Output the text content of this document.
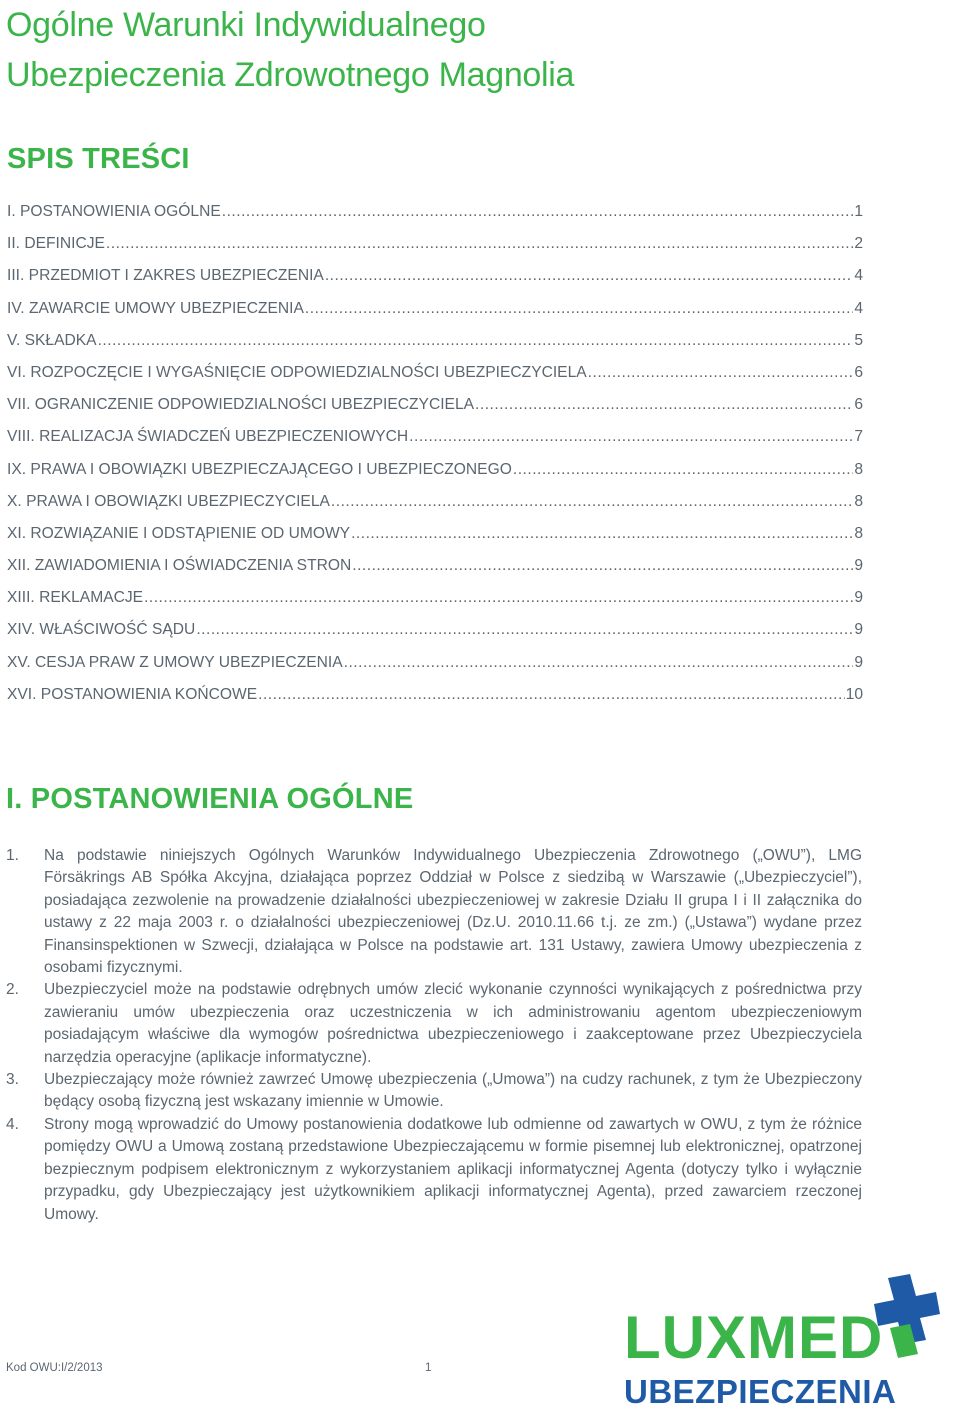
Ogólne Warunki Indywidualnego
Ubezpieczenia Zdrowotnego Magnolia
SPIS TREŚCI
I. POSTANOWIENIA OGÓLNE .....	1
II. DEFINICJE .....	2
III. PRZEDMIOT I ZAKRES UBEZPIECZENIA .....	4
IV. ZAWARCIE UMOWY UBEZPIECZENIA .....	4
V. SKŁADKA .....	5
VI. ROZPOCZĘCIE I WYGAŚNIĘCIE ODPOWIEDZIALNOŚCI UBEZPIECZYCIELA .....	6
VII. OGRANICZENIE ODPOWIEDZIALNOŚCI UBEZPIECZYCIELA .....	6
VIII. REALIZACJA ŚWIADCZEŃ UBEZPIECZENIOWYCH .....	7
IX. PRAWA I OBOWIĄZKI UBEZPIECZAJĄCEGO I UBEZPIECZONEGO .....	8
X. PRAWA I OBOWIĄZKI UBEZPIECZYCIELA .....	8
XI. ROZWIĄZANIE I ODSTĄPIENIE OD UMOWY .....	8
XII. ZAWIADOMIENIA I OŚWIADCZENIA STRON .....	9
XIII. REKLAMACJE .....	9
XIV. WŁAŚCIWOŚĆ SĄDU .....	9
XV. CESJA PRAW Z UMOWY UBEZPIECZENIA .....	9
XVI. POSTANOWIENIA KOŃCOWE .....	10
I. POSTANOWIENIA OGÓLNE
1.	Na podstawie niniejszych Ogólnych Warunków Indywidualnego Ubezpieczenia Zdrowotnego („OWU”), LMG Försäkrings AB Spółka Akcyjna, działająca poprzez Oddział w Polsce z siedzibą w Warszawie („Ubezpieczyciel”), posiadająca zezwolenie na prowadzenie działalności ubezpieczeniowej w zakresie Działu II grupa I i II załącznika do ustawy z 22 maja 2003 r. o działalności ubezpieczeniowej (Dz.U. 2010.11.66 t.j. ze zm.) („Ustawa”) wydane przez Finansinspektionen w Szwecji, działająca w Polsce na podstawie art. 131 Ustawy, zawiera Umowy ubezpieczenia z osobami fizycznymi.
2.	Ubezpieczyciel może na podstawie odrębnych umów zlecić wykonanie czynności wynikających z pośrednictwa przy zawieraniu umów ubezpieczenia oraz uczestniczenia w ich administrowaniu agentom ubezpieczeniowym posiadającym właściwe dla wymogów pośrednictwa ubezpieczeniowego i zaakceptowane przez Ubezpieczyciela narzędzia operacyjne (aplikacje informatyczne).
3.	Ubezpieczający może również zawrzeć Umowę ubezpieczenia („Umowa”) na cudzy rachunek, z tym że Ubezpieczony będący osobą fizyczną jest wskazany imiennie w Umowie.
4.	Strony mogą wprowadzić do Umowy postanowienia dodatkowe lub odmienne od zawartych w OWU, z tym że różnice pomiędzy OWU a Umową zostaną przedstawione Ubezpieczającemu w formie pisemnej lub elektronicznej, opatrzonej bezpiecznym podpisem elektronicznym z wykorzystaniem aplikacji informatycznej Agenta (dotyczy tylko i wyłącznie przypadku, gdy Ubezpieczający jest użytkownikiem aplikacji informatycznej Agenta), przed zawarciem rzeczonej Umowy.
Kod OWU:I/2/2013	1	LUXMED
UBEZPIECZENIA
